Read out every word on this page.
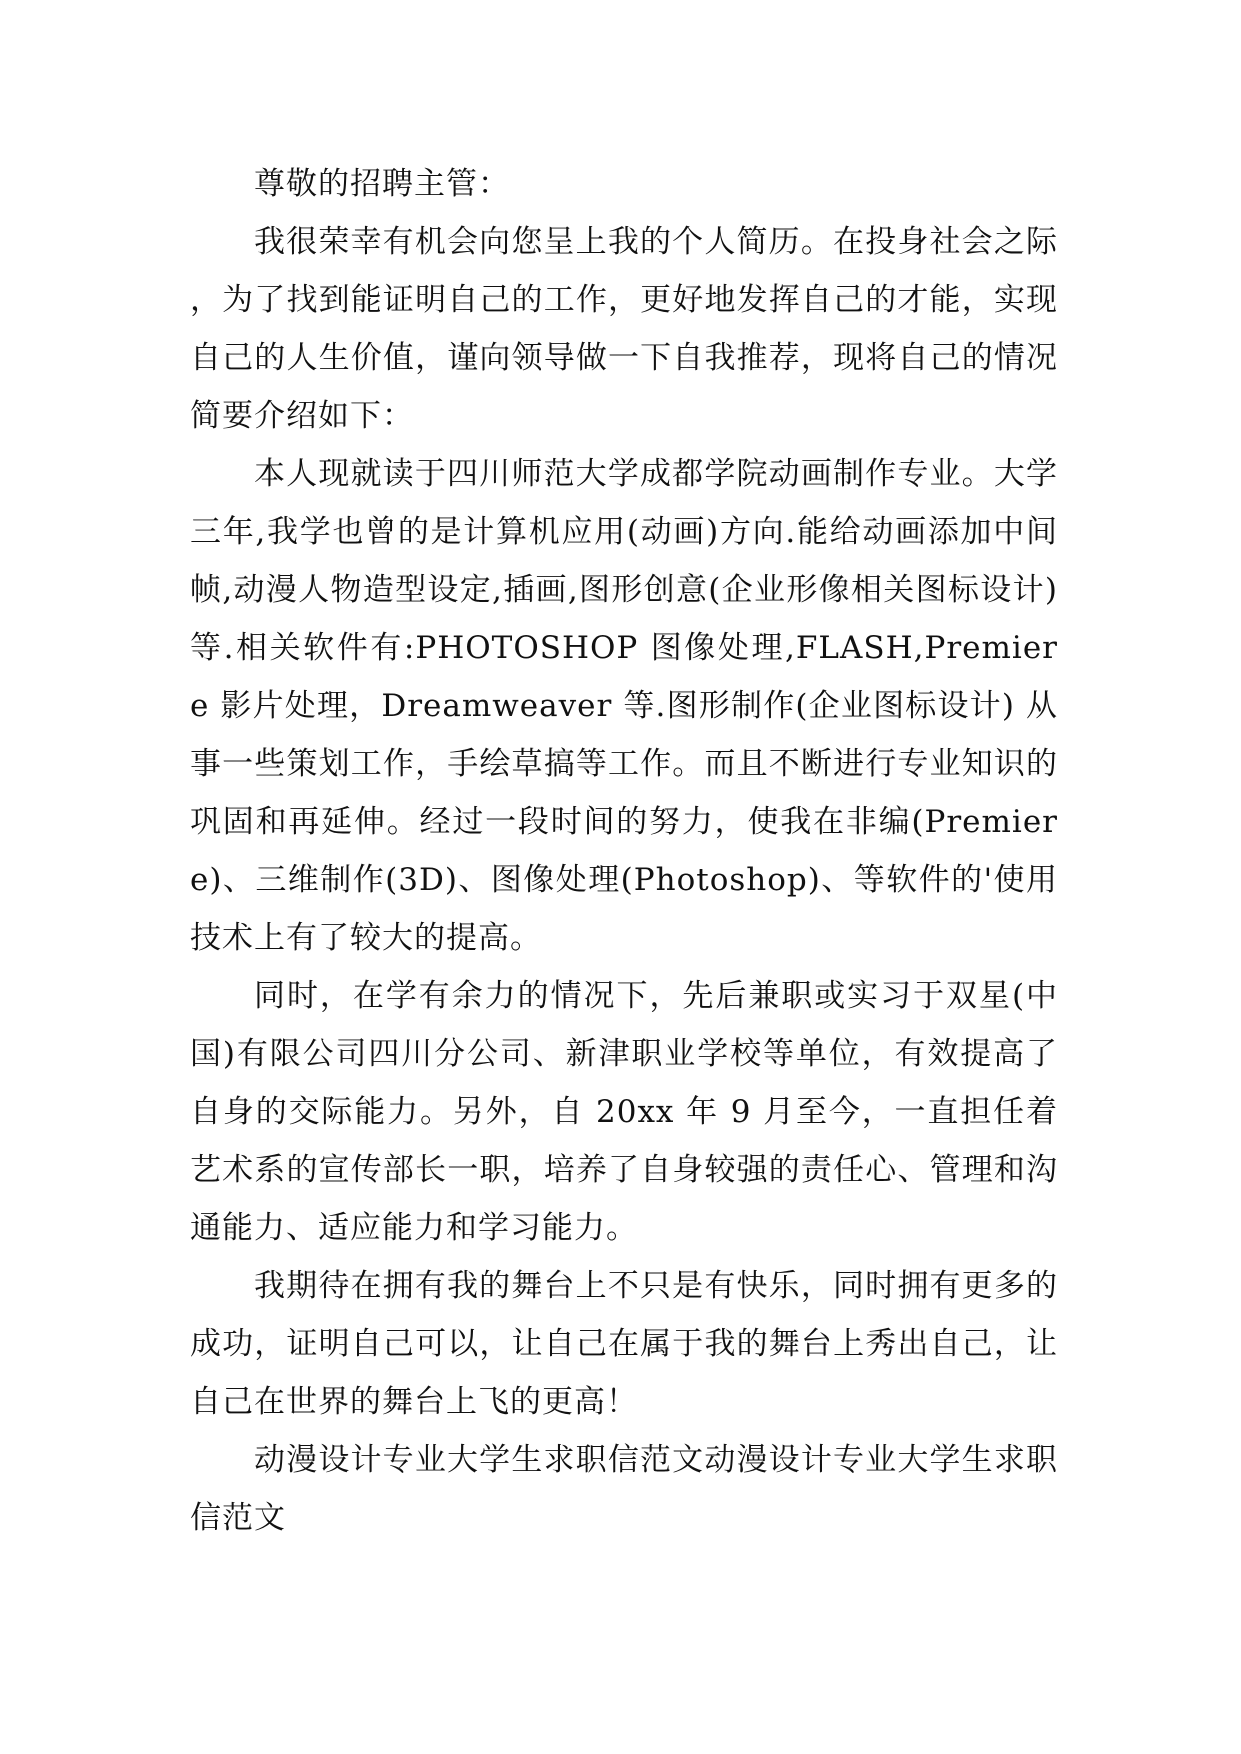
尊敬的招聘主管：

我很荣幸有机会向您呈上我的个人简历。在投身社会之际，为了找到能证明自己的工作，更好地发挥自己的才能，实现自己的人生价值，谨向领导做一下自我推荐，现将自己的情况简要介绍如下：

本人现就读于四川师范大学成都学院动画制作专业。大学三年,我学也曾的是计算机应用(动画)方向.能给动画添加中间帧,动漫人物造型设定,插画,图形创意(企业形像相关图标设计)等.相关软件有:PHOTOSHOP 图像处理,FLASH,Premiere 影片处理，Dreamweaver 等.图形制作(企业图标设计) 从事一些策划工作，手绘草搞等工作。而且不断进行专业知识的巩固和再延伸。经过一段时间的努力，使我在非编(Premiere)、三维制作(3D)、图像处理(Photoshop)、等软件的'使用技术上有了较大的提高。

同时，在学有余力的情况下，先后兼职或实习于双星(中国)有限公司四川分公司、新津职业学校等单位，有效提高了自身的交际能力。另外，自 20xx 年 9 月至今，一直担任着艺术系的宣传部长一职，培养了自身较强的责任心、管理和沟通能力、适应能力和学习能力。

我期待在拥有我的舞台上不只是有快乐，同时拥有更多的成功，证明自己可以，让自己在属于我的舞台上秀出自己，让自己在世界的舞台上飞的更高！

动漫设计专业大学生求职信范文动漫设计专业大学生求职信范文
